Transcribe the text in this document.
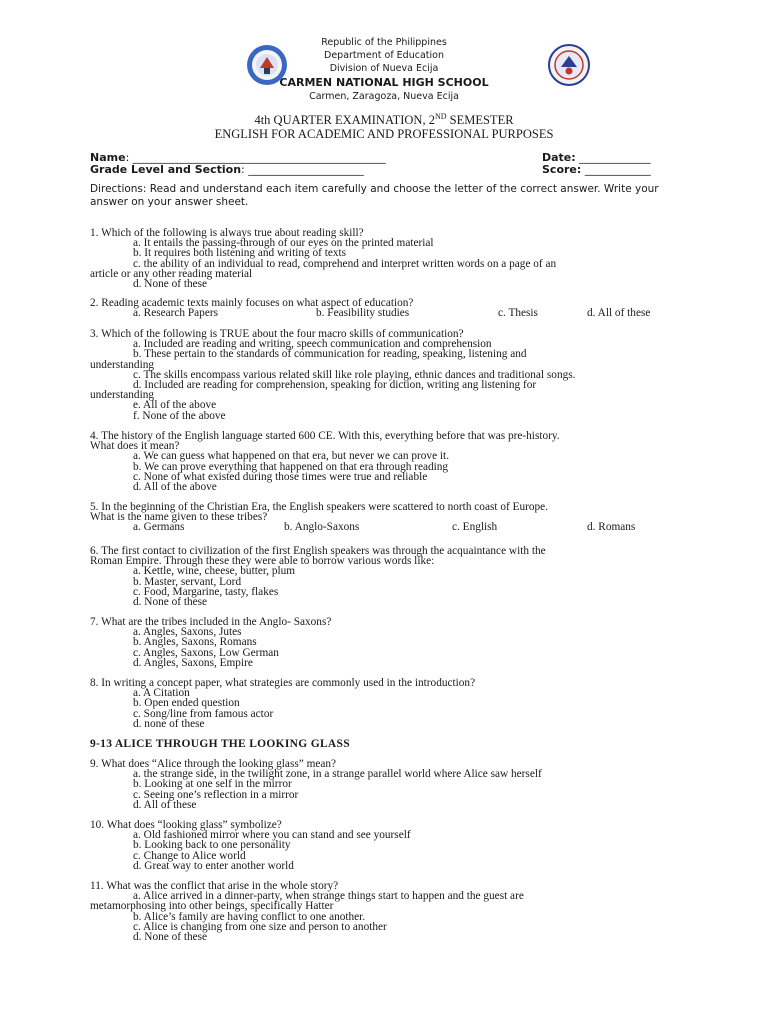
Republic of the Philippines
Department of Education
Division of Nueva Ecija
CARMEN NATIONAL HIGH SCHOOL
Carmen, Zaragoza, Nueva Ecija
4th QUARTER EXAMINATION, 2ND SEMESTER
ENGLISH FOR ACADEMIC AND PROFESSIONAL PURPOSES
Name: ______________________________________________	Date: _____________
Grade Level and Section: _____________________	Score: ____________
Directions: Read and understand each item carefully and choose the letter of the correct answer. Write your answer on your answer sheet.

1. Which of the following is always true about reading skill?

a. It entails the passing-through of our eyes on the printed material

b. It requires both listening and writing of texts

c. the ability of an individual to read, comprehend and interpret written words on a page of an

article or any other reading material

d. None of these

2. Reading academic texts mainly focuses on what aspect of education?

a. Research Papers	b. Feasibility studies	c. Thesis	d. All of these

3. Which of the following is TRUE about the four macro skills of communication?

a. Included are reading and writing, speech communication and comprehension

b. These pertain to the standards of communication for reading, speaking, listening and

understanding

c. The skills encompass various related skill like role playing, ethnic dances and traditional songs.

d. Included are reading for comprehension, speaking for diction, writing ang listening for

understanding

e. All of the above

f. None of the above

4. The history of the English language started 600 CE. With this, everything before that was pre-history.

What does it mean?

a. We can guess what happened on that era, but never we can prove it.

b. We can prove everything that happened on that era through reading

c. None of what existed during those times were true and reliable

d. All of the above

5. In the beginning of the Christian Era, the English speakers were scattered to north coast of Europe.

What is the name given to these tribes?

a. Germans	b. Anglo-Saxons	c. English	d. Romans

6. The first contact to civilization of the first English speakers was through the acquaintance with the

Roman Empire. Through these they were able to borrow various words like:

a. Kettle, wine, cheese, butter, plum

b. Master, servant, Lord

c. Food, Margarine, tasty, flakes

d. None of these

7. What are the tribes included in the Anglo- Saxons?

a. Angles, Saxons, Jutes

b. Angles, Saxons, Romans

c. Angles, Saxons, Low German

d. Angles, Saxons, Empire

8. In writing a concept paper, what strategies are commonly used in the introduction?

a. A Citation

b. Open ended question

c. Song/line from famous actor

d. none of these

9-13 ALICE THROUGH THE LOOKING GLASS

9. What does “Alice through the looking glass” mean?

a. the strange side, in the twilight zone, in a strange parallel world where Alice saw herself

b. Looking at one self in the mirror

c. Seeing one’s reflection in a mirror

d. All of these

10. What does “looking glass” symbolize?

a. Old fashioned mirror where you can stand and see yourself

b. Looking back to one personality

c. Change to Alice world

d. Great way to enter another world

11. What was the conflict that arise in the whole story?

a. Alice arrived in a dinner-party, when strange things start to happen and the guest are

metamorphosing into other beings, specifically Hatter

b. Alice’s family are having conflict to one another.

c. Alice is changing from one size and person to another

d. None of these
